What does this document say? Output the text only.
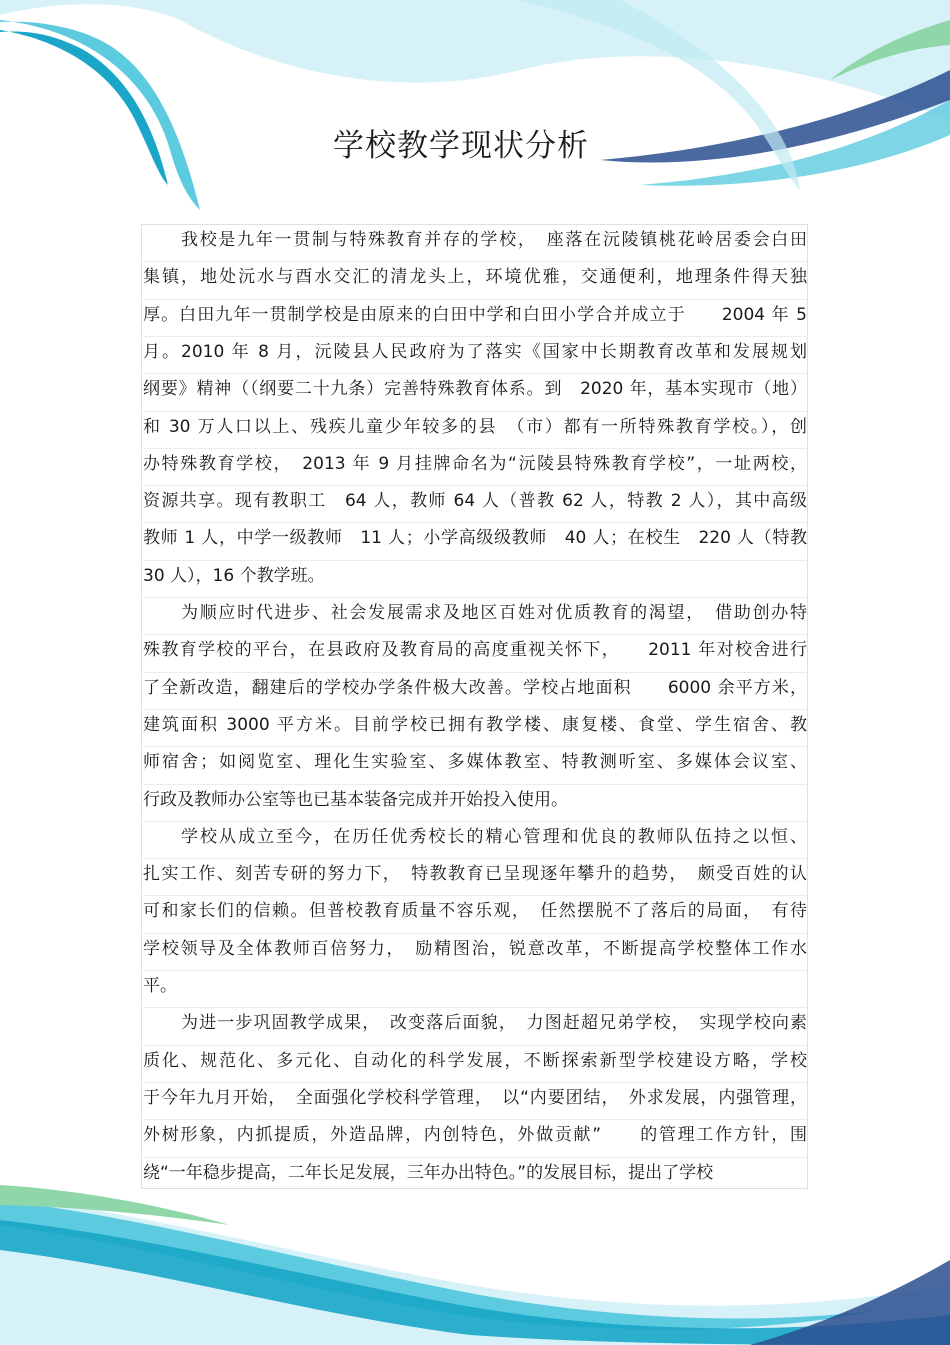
学校教学现状分析
我校是九年一贯制与特殊教育并存的学校，　座落在沅陵镇桃花岭居委会白田
集镇，地处沅水与酉水交汇的清龙头上，环境优雅，交通便利，地理条件得天独
厚。白田九年一贯制学校是由原来的白田中学和白田小学合并成立于　　2004 年 5
月。2010 年 8 月，沅陵县人民政府为了落实《国家中长期教育改革和发展规划
纲要》精神（（纲要二十九条）完善特殊教育体系。到　2020 年，基本实现市（地）
和 30 万人口以上、残疾儿童少年较多的县　（市）都有一所特殊教育学校。），创
办特殊教育学校，　2013 年 9 月挂牌命名为“沅陵县特殊教育学校”，一址两校，
资源共享。现有教职工　64 人，教师 64 人（普教 62 人，特教 2 人），其中高级
教师 1 人，中学一级教师　11 人；小学高级级教师　40 人；在校生　220 人（特教
30 人），16 个教学班。
为顺应时代进步、社会发展需求及地区百姓对优质教育的渴望，　借助创办特
殊教育学校的平台，在县政府及教育局的高度重视关怀下，　　2011 年对校舍进行
了全新改造，翻建后的学校办学条件极大改善。学校占地面积　　6000 余平方米，
建筑面积 3000 平方米。目前学校已拥有教学楼、康复楼、食堂、学生宿舍、教
师宿舍；如阅览室、理化生实验室、多媒体教室、特教测听室、多媒体会议室、
行政及教师办公室等也已基本装备完成并开始投入使用。
学校从成立至今，在历任优秀校长的精心管理和优良的教师队伍持之以恒、
扎实工作、刻苦专研的努力下，　特教教育已呈现逐年攀升的趋势，　颇受百姓的认
可和家长们的信赖。但普校教育质量不容乐观，　任然摆脱不了落后的局面，　有待
学校领导及全体教师百倍努力，　励精图治，锐意改革，不断提高学校整体工作水
平。
为进一步巩固教学成果，　改变落后面貌，　力图赶超兄弟学校，　实现学校向素
质化、规范化、多元化、自动化的科学发展，不断探索新型学校建设方略，学校
于今年九月开始，　全面强化学校科学管理，　以“内要团结，　外求发展，内强管理，
外树形象，内抓提质，外造品牌，内创特色，外做贡献”　　的管理工作方针，围
绕“一年稳步提高，二年长足发展，三年办出特色。”的发展目标，提出了学校
